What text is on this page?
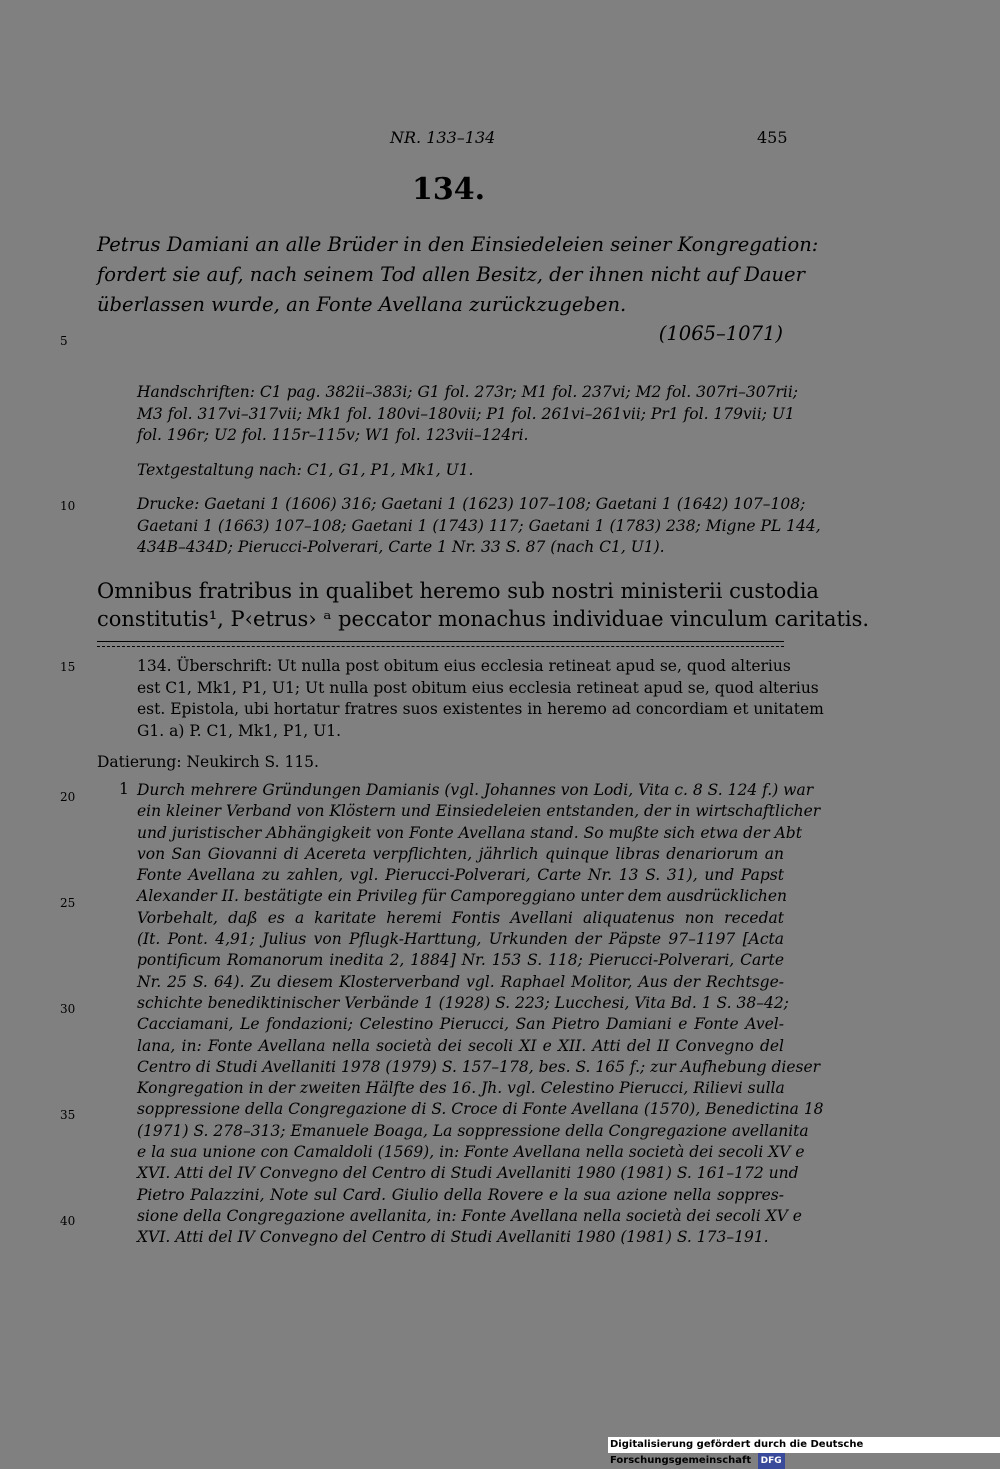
NR. 133–134	455
134.
Petrus Damiani an alle Brüder in den Einsiedeleien seiner Kongregation:
fordert sie auf, nach seinem Tod allen Besitz, der ihnen nicht auf Dauer
überlassen wurde, an Fonte Avellana zurückzugeben.
(1065–1071)
5
10
15
20
25
30
35
40
Handschriften: C1 pag. 382ii–383i; G1 fol. 273r; M1 fol. 237vi; M2 fol. 307ri–307rii;
M3 fol. 317vi–317vii; Mk1 fol. 180vi–180vii; P1 fol. 261vi–261vii; Pr1 fol. 179vii; U1
fol. 196r; U2 fol. 115r–115v; W1 fol. 123vii–124ri.
Textgestaltung nach: C1, G1, P1, Mk1, U1.
Drucke: Gaetani 1 (1606) 316; Gaetani 1 (1623) 107–108; Gaetani 1 (1642) 107–108;
Gaetani 1 (1663) 107–108; Gaetani 1 (1743) 117; Gaetani 1 (1783) 238; Migne PL 144,
434B–434D; Pierucci-Polverari, Carte 1 Nr. 33 S. 87 (nach C1, U1).
Omnibus fratribus in qualibet heremo sub nostri ministerii custodia
constitutis¹, P‹etrus› ᵃ peccator monachus individuae vinculum caritatis.
134. Überschrift: Ut nulla post obitum eius ecclesia retineat apud se, quod alterius
est C1, Mk1, P1, U1; Ut nulla post obitum eius ecclesia retineat apud se, quod alterius
est. Epistola, ubi hortatur fratres suos existentes in heremo ad concordiam et unitatem
G1. a) P. C1, Mk1, P1, U1.
Datierung: Neukirch S. 115.
1 Durch mehrere Gründungen Damianis (vgl. Johannes von Lodi, Vita c. 8 S. 124 f.) war
ein kleiner Verband von Klöstern und Einsiedeleien entstanden, der in wirtschaftlicher
und juristischer Abhängigkeit von Fonte Avellana stand. So mußte sich etwa der Abt
von San Giovanni di Acereta verpflichten, jährlich quinque libras denariorum an
Fonte Avellana zu zahlen, vgl. Pierucci-Polverari, Carte Nr. 13 S. 31), und Papst
Alexander II. bestätigte ein Privileg für Camporeggiano unter dem ausdrücklichen
Vorbehalt, daß es a karitate heremi Fontis Avellani aliquatenus non recedat
(It. Pont. 4,91; Julius von Pflugk-Harttung, Urkunden der Päpste 97–1197 [Acta
pontificum Romanorum inedita 2, 1884] Nr. 153 S. 118; Pierucci-Polverari, Carte
Nr. 25 S. 64). Zu diesem Klosterverband vgl. Raphael Molitor, Aus der Rechtsge-
schichte benediktinischer Verbände 1 (1928) S. 223; Lucchesi, Vita Bd. 1 S. 38–42;
Cacciamani, Le fondazioni; Celestino Pierucci, San Pietro Damiani e Fonte Avel-
lana, in: Fonte Avellana nella società dei secoli XI e XII. Atti del II Convegno del
Centro di Studi Avellaniti 1978 (1979) S. 157–178, bes. S. 165 f.; zur Aufhebung dieser
Kongregation in der zweiten Hälfte des 16. Jh. vgl. Celestino Pierucci, Rilievi sulla
soppressione della Congregazione di S. Croce di Fonte Avellana (1570), Benedictina 18
(1971) S. 278–313; Emanuele Boaga, La soppressione della Congregazione avellanita
e la sua unione con Camaldoli (1569), in: Fonte Avellana nella società dei secoli XV e
XVI. Atti del IV Convegno del Centro di Studi Avellaniti 1980 (1981) S. 161–172 und
Pietro Palazzini, Note sul Card. Giulio della Rovere e la sua azione nella soppres-
sione della Congregazione avellanita, in: Fonte Avellana nella società dei secoli XV e
XVI. Atti del IV Convegno del Centro di Studi Avellaniti 1980 (1981) S. 173–191.
Digitalisierung gefördert durch die Deutsche Forschungsgemeinschaft DFG
